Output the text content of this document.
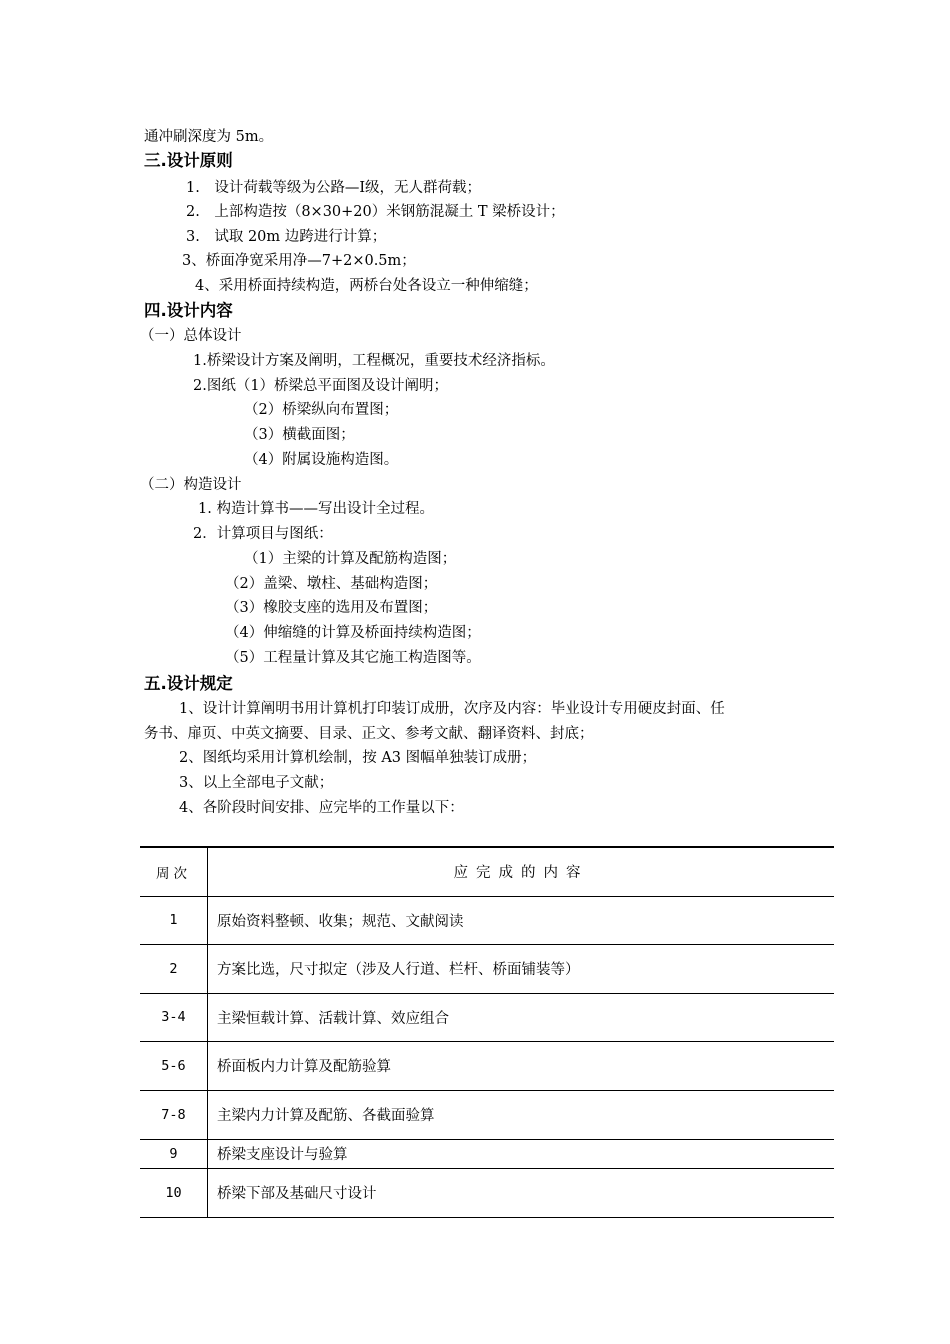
通冲刷深度为 5m。
三.设计原则
1.　设计荷载等级为公路—Ⅰ级，无人群荷载；
2.　上部构造按（8×30+20）米钢筋混凝土 T 梁桥设计；
3.　试取 20m 边跨进行计算；
3、桥面净宽采用净—7+2×0.5m；
4、采用桥面持续构造，两桥台处各设立一种伸缩缝；
四.设计内容
（一）总体设计
1.桥梁设计方案及阐明，工程概况，重要技术经济指标。
2.图纸（1）桥梁总平面图及设计阐明；
（2）桥梁纵向布置图；
（3）横截面图；
（4）附属设施构造图。
（二）构造设计
1. 构造计算书——写出设计全过程。
2．计算项目与图纸：
（1）主梁的计算及配筋构造图；
（2）盖梁、墩柱、基础构造图；
（3）橡胶支座的选用及布置图；
（4）伸缩缝的计算及桥面持续构造图；
（5）工程量计算及其它施工构造图等。
五.设计规定
1、设计计算阐明书用计算机打印装订成册，次序及内容：毕业设计专用硬皮封面、任
务书、扉页、中英文摘要、目录、正文、参考文献、翻译资料、封底；
2、图纸均采用计算机绘制，按 A3 图幅单独装订成册；
3、以上全部电子文献；
4、各阶段时间安排、应完毕的工作量以下：
周次	应完成的内容
1	原始资料整顿、收集；规范、文献阅读
2	方案比选，尺寸拟定（涉及人行道、栏杆、桥面铺装等）
3-4	主梁恒载计算、活载计算、效应组合
5-6	桥面板内力计算及配筋验算
7-8	主梁内力计算及配筋、各截面验算
9	桥梁支座设计与验算
10	桥梁下部及基础尺寸设计
